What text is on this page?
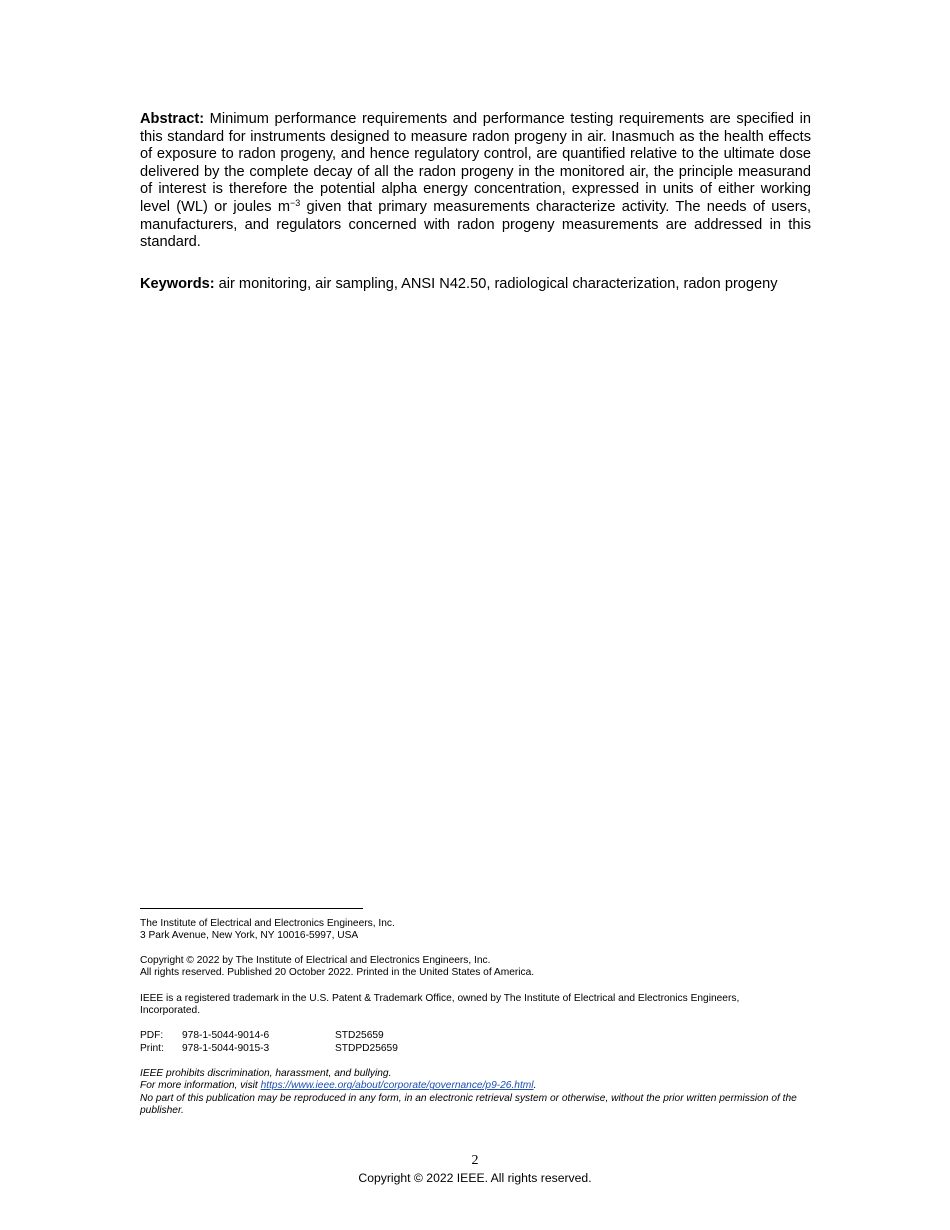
Abstract: Minimum performance requirements and performance testing requirements are specified in this standard for instruments designed to measure radon progeny in air. Inasmuch as the health effects of exposure to radon progeny, and hence regulatory control, are quantified relative to the ultimate dose delivered by the complete decay of all the radon progeny in the monitored air, the principle measurand of interest is therefore the potential alpha energy concentration, expressed in units of either working level (WL) or joules $m^{-3}$ given that primary measurements characterize activity. The needs of users, manufacturers, and regulators concerned with radon progeny measurements are addressed in this standard.

Keywords: air monitoring, air sampling, ANSI N42.50, radiological characterization, radon progeny

The Institute of Electrical and Electronics Engineers, Inc.
3 Park Avenue, New York, NY 10016-5997, USA

Copyright © 2022 by The Institute of Electrical and Electronics Engineers, Inc.
All rights reserved. Published 20 October 2022. Printed in the United States of America.

IEEE is a registered trademark in the U.S. Patent & Trademark Office, owned by The Institute of Electrical and Electronics Engineers, Incorporated.

PDF: 978-1-5044-9014-6	STD25659
Print: 978-1-5044-9015-3	STDPD25659

IEEE prohibits discrimination, harassment, and bullying.
For more information, visit https://www.ieee.org/about/corporate/governance/p9-26.html.
No part of this publication may be reproduced in any form, in an electronic retrieval system or otherwise, without the prior written permission of the publisher.

2
Copyright © 2022 IEEE. All rights reserved.
